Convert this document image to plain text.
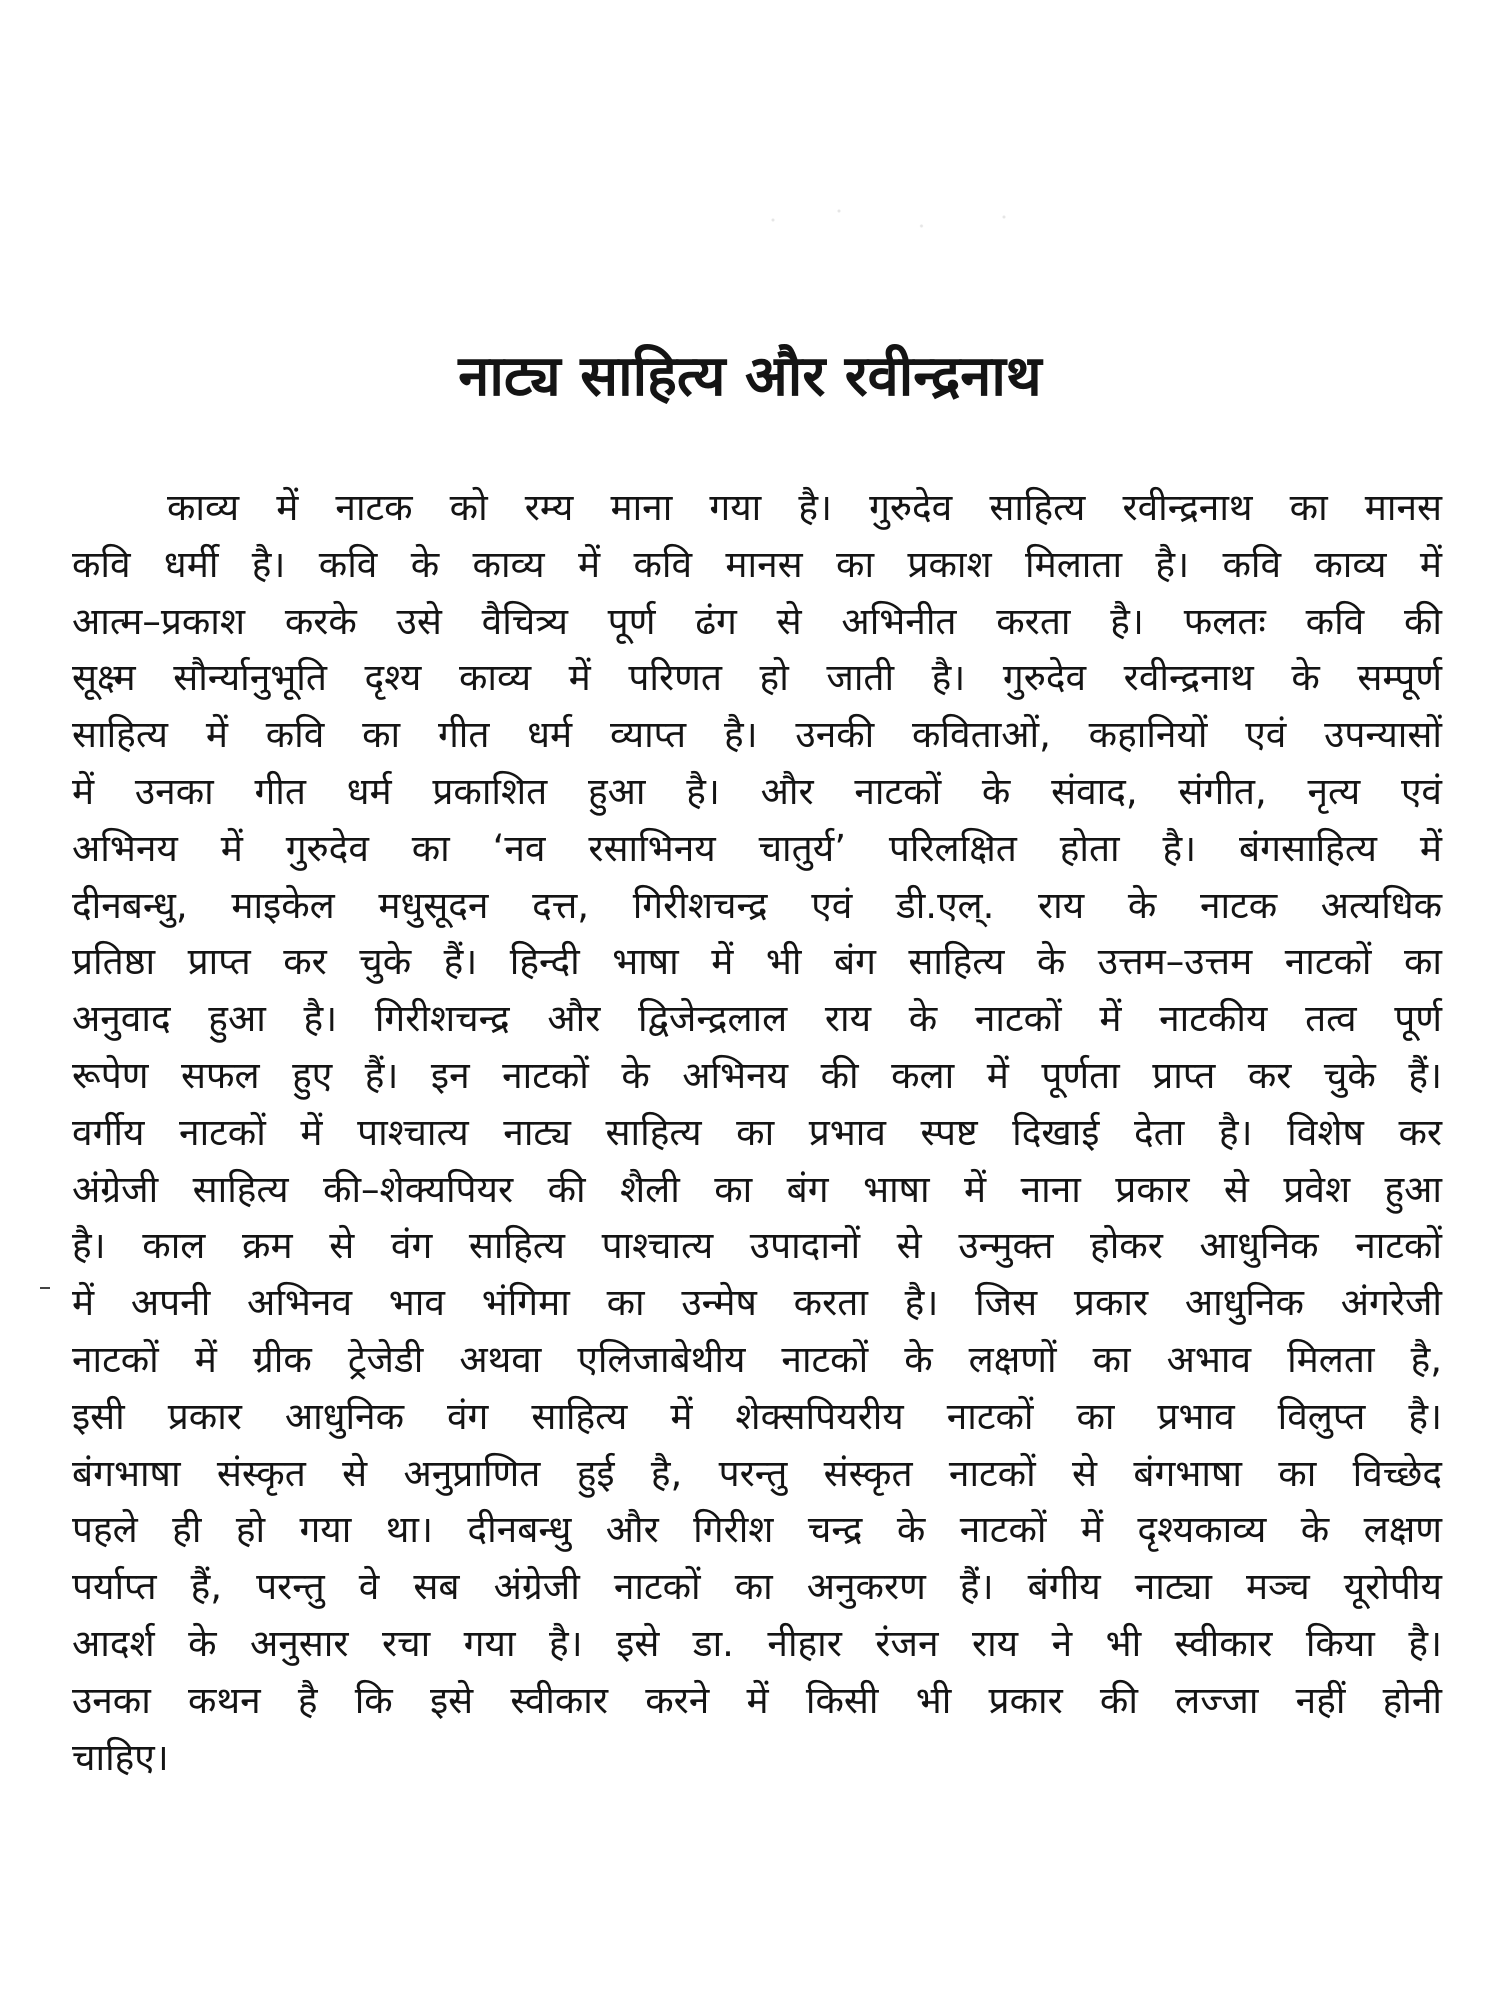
नाट्य साहित्य और रवीन्द्रनाथ
काव्य में नाटक को रम्य माना गया है। गुरुदेव साहित्य रवीन्द्रनाथ का मानस
कवि धर्मी है। कवि के काव्य में कवि मानस का प्रकाश मिलाता है। कवि काव्य में
आत्म–प्रकाश करके उसे वैचित्र्य पूर्ण ढंग से अभिनीत करता है। फलतः कवि की
सूक्ष्म सौर्न्यानुभूति दृश्य काव्य में परिणत हो जाती है। गुरुदेव रवीन्द्रनाथ के सम्पूर्ण
साहित्य में कवि का गीत धर्म व्याप्त है। उनकी कविताओं, कहानियों एवं उपन्यासों
में उनका गीत धर्म प्रकाशित हुआ है। और नाटकों के संवाद, संगीत, नृत्य एवं
अभिनय में गुरुदेव का ‘नव रसाभिनय चातुर्य’ परिलक्षित होता है। बंगसाहित्य में
दीनबन्धु, माइकेल मधुसूदन दत्त, गिरीशचन्द्र एवं डी.एल्. राय के नाटक अत्यधिक
प्रतिष्ठा प्राप्त कर चुके हैं। हिन्दी भाषा में भी बंग साहित्य के उत्तम–उत्तम नाटकों का
अनुवाद हुआ है। गिरीशचन्द्र और द्विजेन्द्रलाल राय के नाटकों में नाटकीय तत्व पूर्ण
रूपेण सफल हुए हैं। इन नाटकों के अभिनय की कला में पूर्णता प्राप्त कर चुके हैं।
वर्गीय नाटकों में पाश्चात्य नाट्य साहित्य का प्रभाव स्पष्ट दिखाई देता है। विशेष कर
अंग्रेजी साहित्य की–शेक्यपियर की शैली का बंग भाषा में नाना प्रकार से प्रवेश हुआ
है। काल क्रम से वंग साहित्य पाश्चात्य उपादानों से उन्मुक्त होकर आधुनिक नाटकों
में अपनी अभिनव भाव भंगिमा का उन्मेष करता है। जिस प्रकार आधुनिक अंगरेजी
नाटकों में ग्रीक ट्रेजेडी अथवा एलिजाबेथीय नाटकों के लक्षणों का अभाव मिलता है,
इसी प्रकार आधुनिक वंग साहित्य में शेक्सपियरीय नाटकों का प्रभाव विलुप्त है।
बंगभाषा संस्कृत से अनुप्राणित हुई है, परन्तु संस्कृत नाटकों से बंगभाषा का विच्छेद
पहले ही हो गया था। दीनबन्धु और गिरीश चन्द्र के नाटकों में दृश्यकाव्य के लक्षण
पर्याप्त हैं, परन्तु वे सब अंग्रेजी नाटकों का अनुकरण हैं। बंगीय नाट्या मञ्च यूरोपीय
आदर्श के अनुसार रचा गया है। इसे डा. नीहार रंजन राय ने भी स्वीकार किया है।
उनका कथन है कि इसे स्वीकार करने में किसी भी प्रकार की लज्जा नहीं होनी
चाहिए।
